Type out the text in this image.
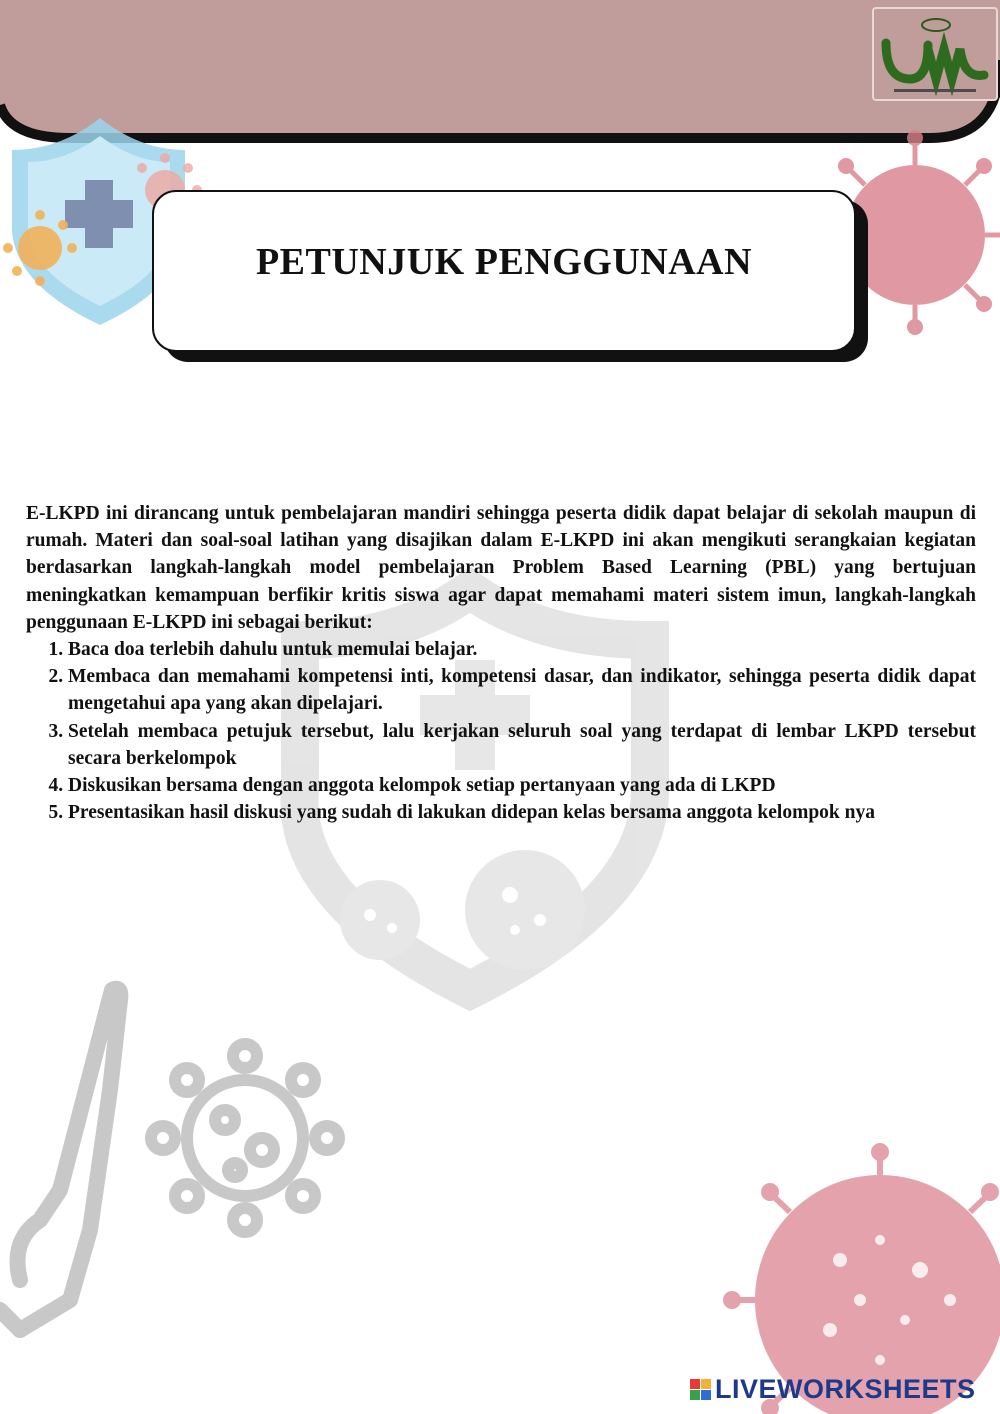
PETUNJUK PENGGUNAAN

E-LKPD ini dirancang untuk pembelajaran mandiri sehingga peserta didik dapat belajar di sekolah maupun di rumah. Materi dan soal-soal latihan yang disajikan dalam E-LKPD ini akan mengikuti serangkaian kegiatan berdasarkan langkah-langkah model pembelajaran Problem Based Learning (PBL) yang bertujuan meningkatkan kemampuan berfikir kritis siswa agar dapat memahami materi sistem imun, langkah-langkah penggunaan E-LKPD ini sebagai berikut:

1. Baca doa terlebih dahulu untuk memulai belajar.
2. Membaca dan memahami kompetensi inti, kompetensi dasar, dan indikator, sehingga peserta didik dapat mengetahui apa yang akan dipelajari.
3. Setelah membaca petujuk tersebut, lalu kerjakan seluruh soal yang terdapat di lembar LKPD tersebut secara berkelompok
4. Diskusikan bersama dengan anggota kelompok setiap pertanyaan yang ada di LKPD
5. Presentasikan hasil diskusi yang sudah di lakukan didepan kelas bersama anggota kelompok nya
LIVEWORKSHEETS
